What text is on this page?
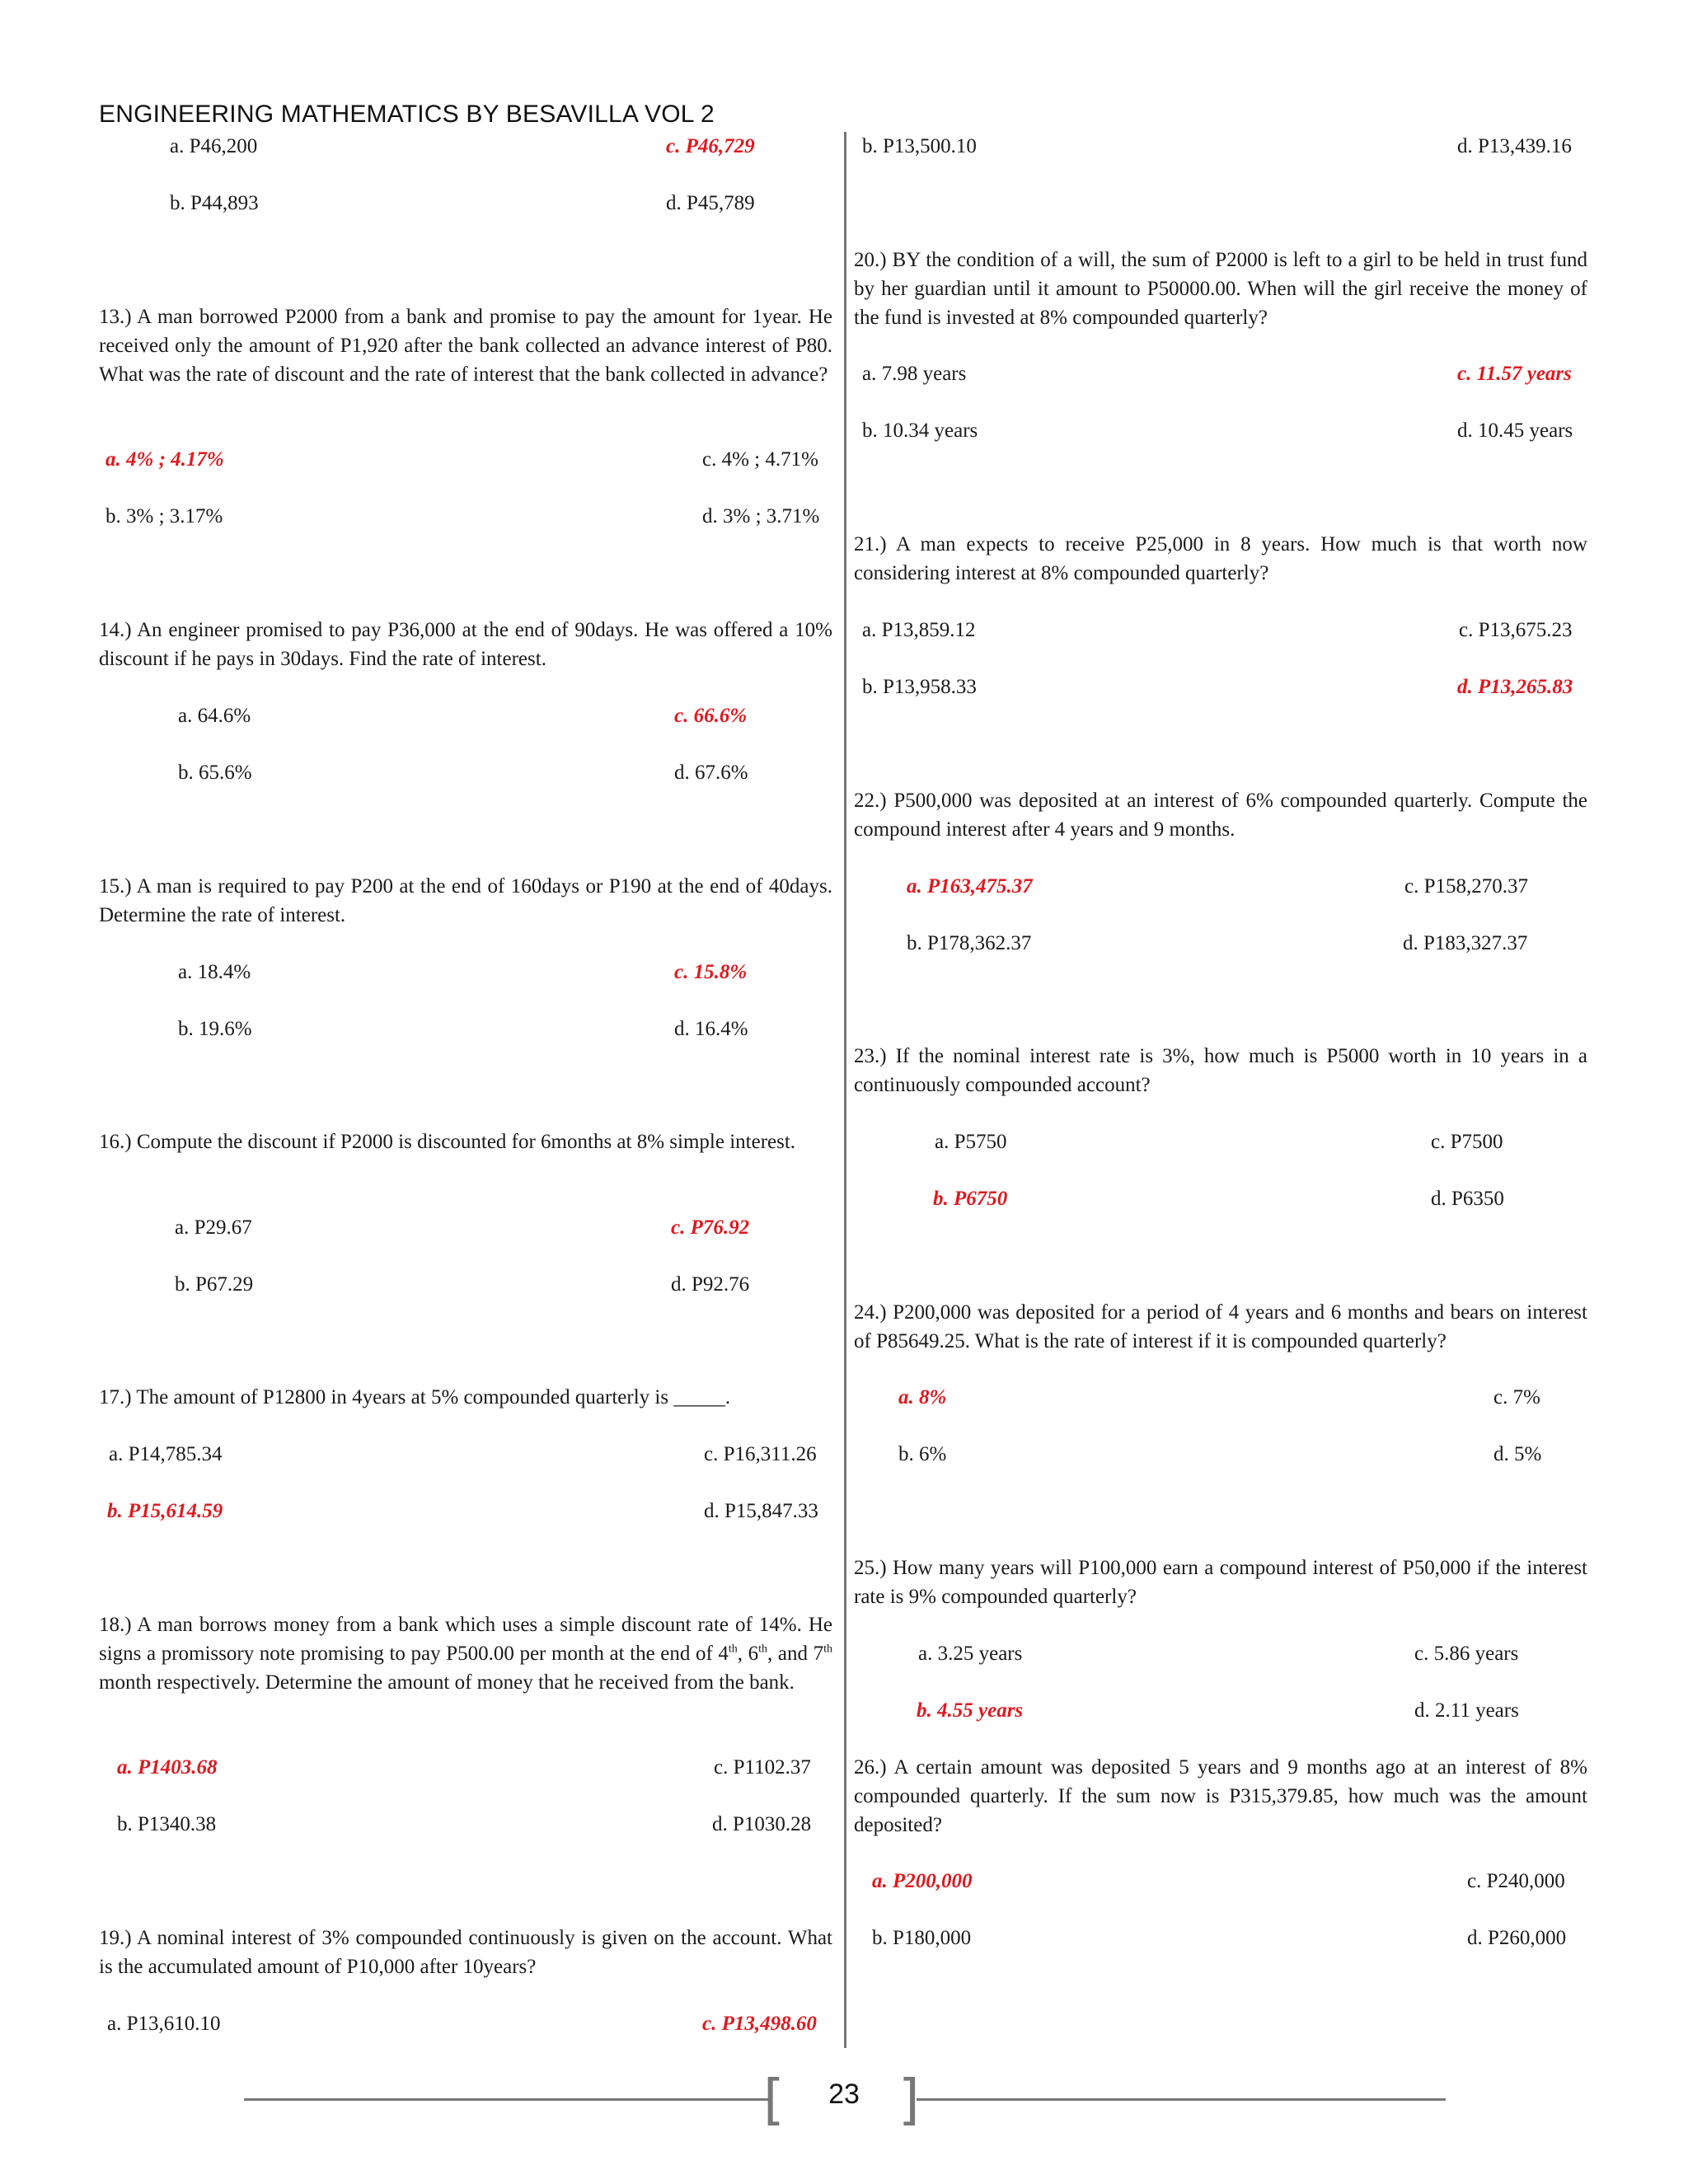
ENGINEERING MATHEMATICS BY BESAVILLA VOL 2
a. P46,200	c. P46,729
b. P44,893	d. P45,789
13.) A man borrowed P2000 from a bank and promise to pay the amount for 1year. He received only the amount of P1,920 after the bank collected an advance interest of P80. What was the rate of discount and the rate of interest that the bank collected in advance?
a. 4% ; 4.17%	c. 4% ; 4.71%
b. 3% ; 3.17%	d. 3% ; 3.71%
14.) An engineer promised to pay P36,000 at the end of 90days. He was offered a 10% discount if he pays in 30days. Find the rate of interest.
a. 64.6%	c. 66.6%
b. 65.6%	d. 67.6%
15.) A man is required to pay P200 at the end of 160days or P190 at the end of 40days. Determine the rate of interest.
a. 18.4%	c. 15.8%
b. 19.6%	d. 16.4%
16.) Compute the discount if P2000 is discounted for 6months at 8% simple interest.
a. P29.67	c. P76.92
b. P67.29	d. P92.76
17.) The amount of P12800 in 4years at 5% compounded quarterly is _____.
a. P14,785.34	c. P16,311.26
b. P15,614.59	d. P15,847.33
18.) A man borrows money from a bank which uses a simple discount rate of 14%. He signs a promissory note promising to pay P500.00 per month at the end of 4th, 6th, and 7th month respectively. Determine the amount of money that he received from the bank.
a. P1403.68	c. P1102.37
b. P1340.38	d. P1030.28
19.) A nominal interest of 3% compounded continuously is given on the account. What is the accumulated amount of P10,000 after 10years?
a. P13,610.10	c. P13,498.60
b. P13,500.10	d. P13,439.16
20.) BY the condition of a will, the sum of P2000 is left to a girl to be held in trust fund by her guardian until it amount to P50000.00. When will the girl receive the money of the fund is invested at 8% compounded quarterly?
a. 7.98 years	c. 11.57 years
b. 10.34 years	d. 10.45 years
21.) A man expects to receive P25,000 in 8 years. How much is that worth now considering interest at 8% compounded quarterly?
a. P13,859.12	c. P13,675.23
b. P13,958.33	d. P13,265.83
22.) P500,000 was deposited at an interest of 6% compounded quarterly. Compute the compound interest after 4 years and 9 months.
a. P163,475.37	c. P158,270.37
b. P178,362.37	d. P183,327.37
23.) If the nominal interest rate is 3%, how much is P5000 worth in 10 years in a continuously compounded account?
a. P5750	c. P7500
b. P6750	d. P6350
24.) P200,000 was deposited for a period of 4 years and 6 months and bears on interest of P85649.25. What is the rate of interest if it is compounded quarterly?
a. 8%	c. 7%
b. 6%	d. 5%
25.) How many years will P100,000 earn a compound interest of P50,000 if the interest rate is 9% compounded quarterly?
a. 3.25 years	c. 5.86 years
b. 4.55 years	d. 2.11 years
26.) A certain amount was deposited 5 years and 9 months ago at an interest of 8% compounded quarterly. If the sum now is P315,379.85, how much was the amount deposited?
a. P200,000	c. P240,000
b. P180,000	d. P260,000
[ ]
23
